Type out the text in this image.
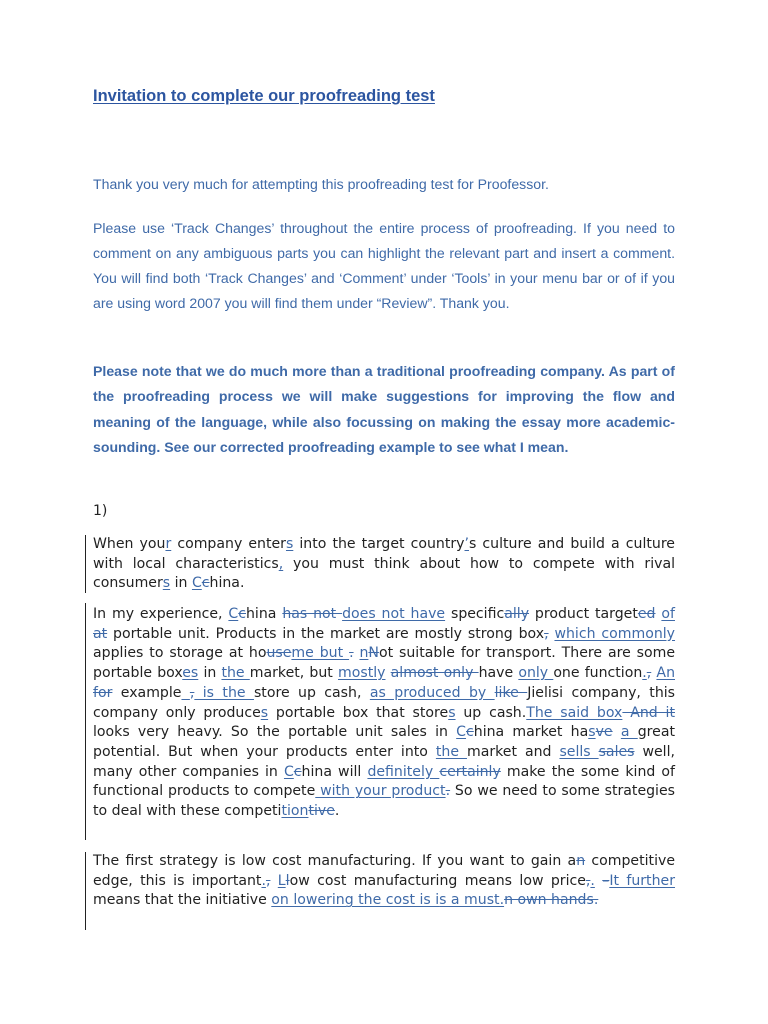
Invitation to complete our proofreading test
Thank you very much for attempting this proofreading test for Proofessor.
Please use ‘Track Changes’ throughout the entire process of proofreading. If you need to comment on any ambiguous parts you can highlight the relevant part and insert a comment. You will find both ‘Track Changes’ and ‘Comment’ under ‘Tools’ in your menu bar or of if you are using word 2007 you will find them under “Review”. Thank you.
Please note that we do much more than a traditional proofreading company. As part of the proofreading process we will make suggestions for improving the flow and meaning of the language, while also focussing on making the essay more academic-sounding. See our corrected proofreading example to see what I mean.
1)
When your company enters into the target country’s culture and build a culture with local characteristics, you must think about how to compete with rival consumers in Cchina.
In my experience, Cchina has not does not have specifically product targeted of at portable unit. Products in the market are mostly strong box, which commonly applies to storage at houseme but . nNot suitable for transport. There are some portable boxes in the market, but mostly almost only have only one function., An for example , is the store up cash, as produced by like Jielisi company, this company only produces portable box that stores up cash.The said box And it looks very heavy. So the portable unit sales in Cchina market hasve a great potential. But when your products enter into the market and sells sales well, many other companies in Cchina will definitely certainly make the some kind of functional products to compete with your product. So we need to some strategies to deal with these competitiontive.
The first strategy is low cost manufacturing. If you want to gain an competitive edge, this is important., Llow cost manufacturing means low price,. –It further means that the initiative on lowering the cost is is a must.n own hands.
